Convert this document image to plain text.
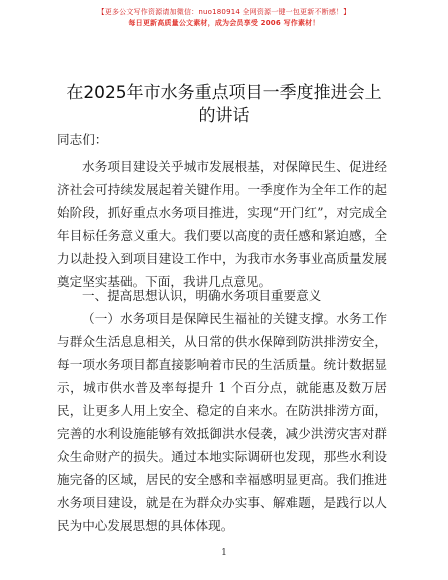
【更多公文写作资源请加微信：nuo180914 全网资源一键一包更新不断感！】
每日更新高质量公文素材，成为会员享受 2006 写作素材！
在2025年市水务重点项目一季度推进会上的讲话

同志们：

水务项目建设关乎城市发展根基，对保障民生、促进经济社会可持续发展起着关键作用。一季度作为全年工作的起始阶段，抓好重点水务项目推进，实现“开门红”，对完成全年目标任务意义重大。我们要以高度的责任感和紧迫感，全力以赴投入到项目建设工作中，为我市水务事业高质量发展奠定坚实基础。下面，我讲几点意见。

一、提高思想认识，明确水务项目重要意义

（一）水务项目是保障民生福祉的关键支撑。水务工作与群众生活息息相关，从日常的供水保障到防洪排涝安全，每一项水务项目都直接影响着市民的生活质量。统计数据显示，城市供水普及率每提升 1 个百分点，就能惠及数万居民，让更多人用上安全、稳定的自来水。在防洪排涝方面，完善的水利设施能够有效抵御洪水侵袭，减少洪涝灾害对群众生命财产的损失。通过本地实际调研也发现，那些水利设施完备的区域，居民的安全感和幸福感明显更高。我们推进水务项目建设，就是在为群众办实事、解难题，是践行以人民为中心发展思想的具体体现。

1
